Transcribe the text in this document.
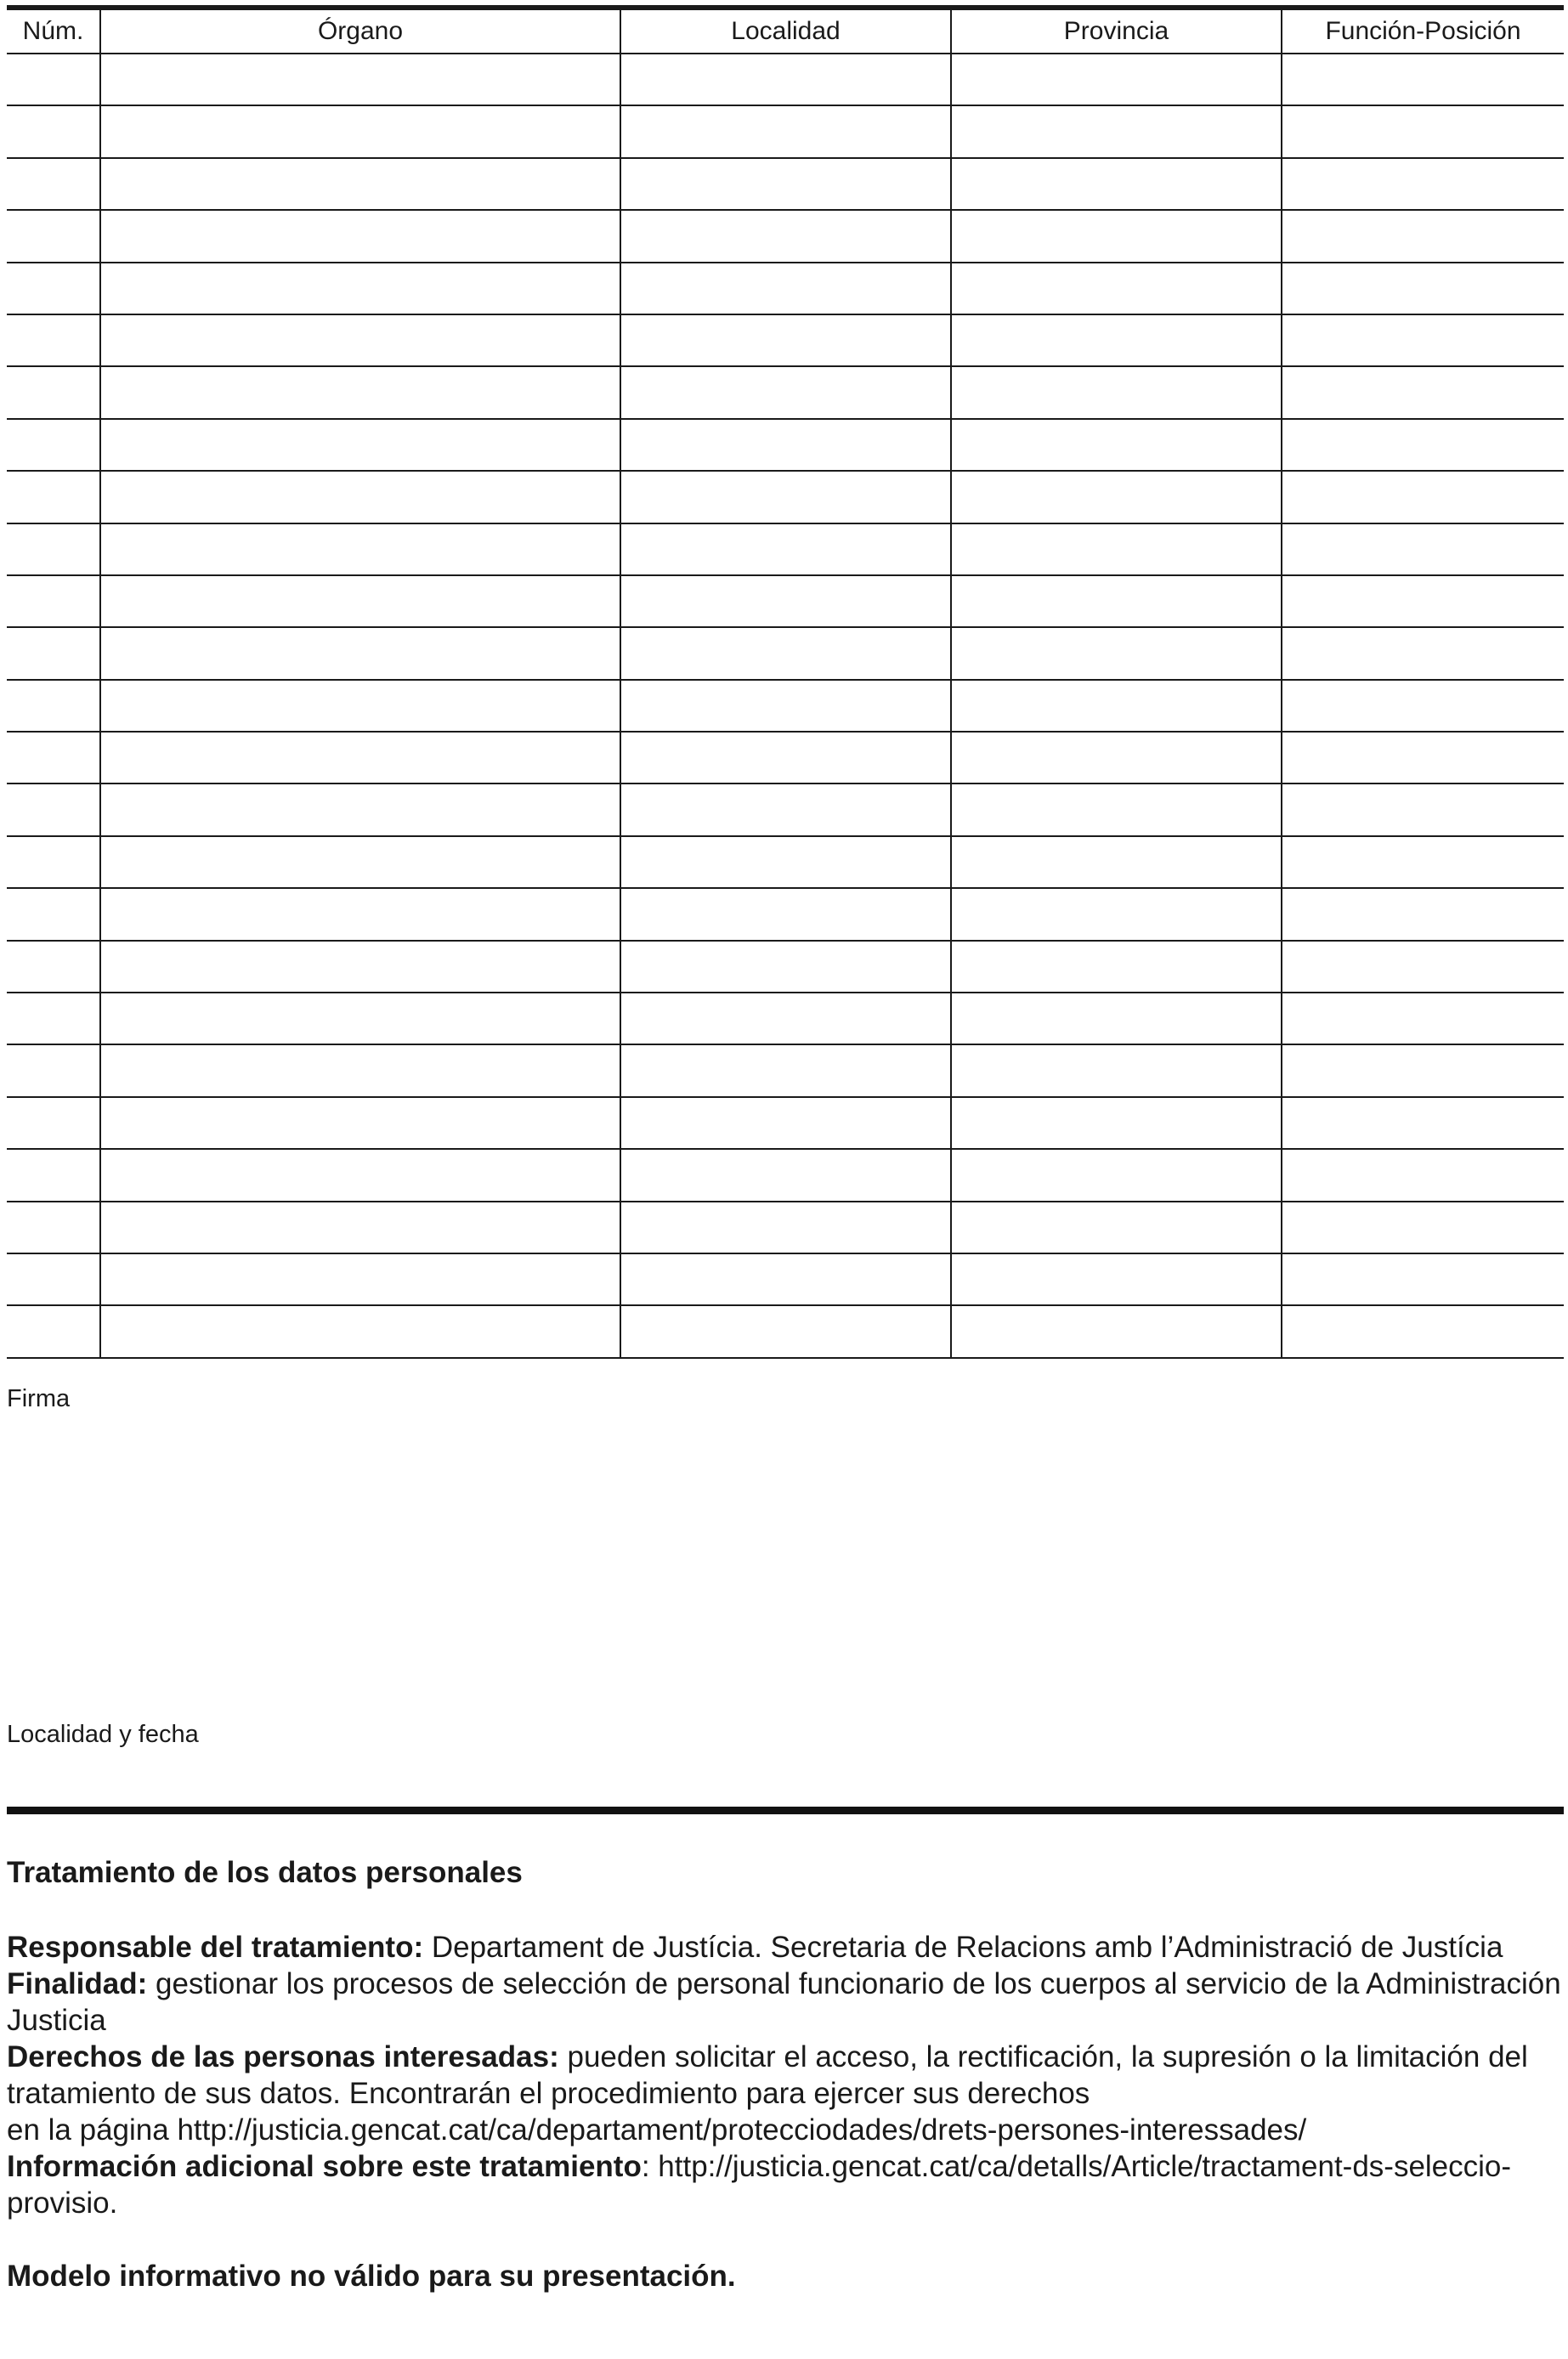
Núm.	Órgano	Localidad	Provincia	Función-Posición

Firma
Localidad y fecha
Tratamiento de los datos personales

Responsable del tratamiento: Departament de Justícia. Secretaria de Relacions amb l’Administració de Justícia

Finalidad: gestionar los procesos de selección de personal funcionario de los cuerpos al servicio de la Administración Justicia

Derechos de las personas interesadas: pueden solicitar el acceso, la rectificación, la supresión o la limitación del tratamiento de sus datos. Encontrarán el procedimiento para ejercer sus derechos

en la página http://justicia.gencat.cat/ca/departament/protecciodades/drets-persones-interessades/

Información adicional sobre este tratamiento: http://justicia.gencat.cat/ca/detalls/Article/tractament-ds-seleccio-provisio.

Modelo informativo no válido para su presentación.
